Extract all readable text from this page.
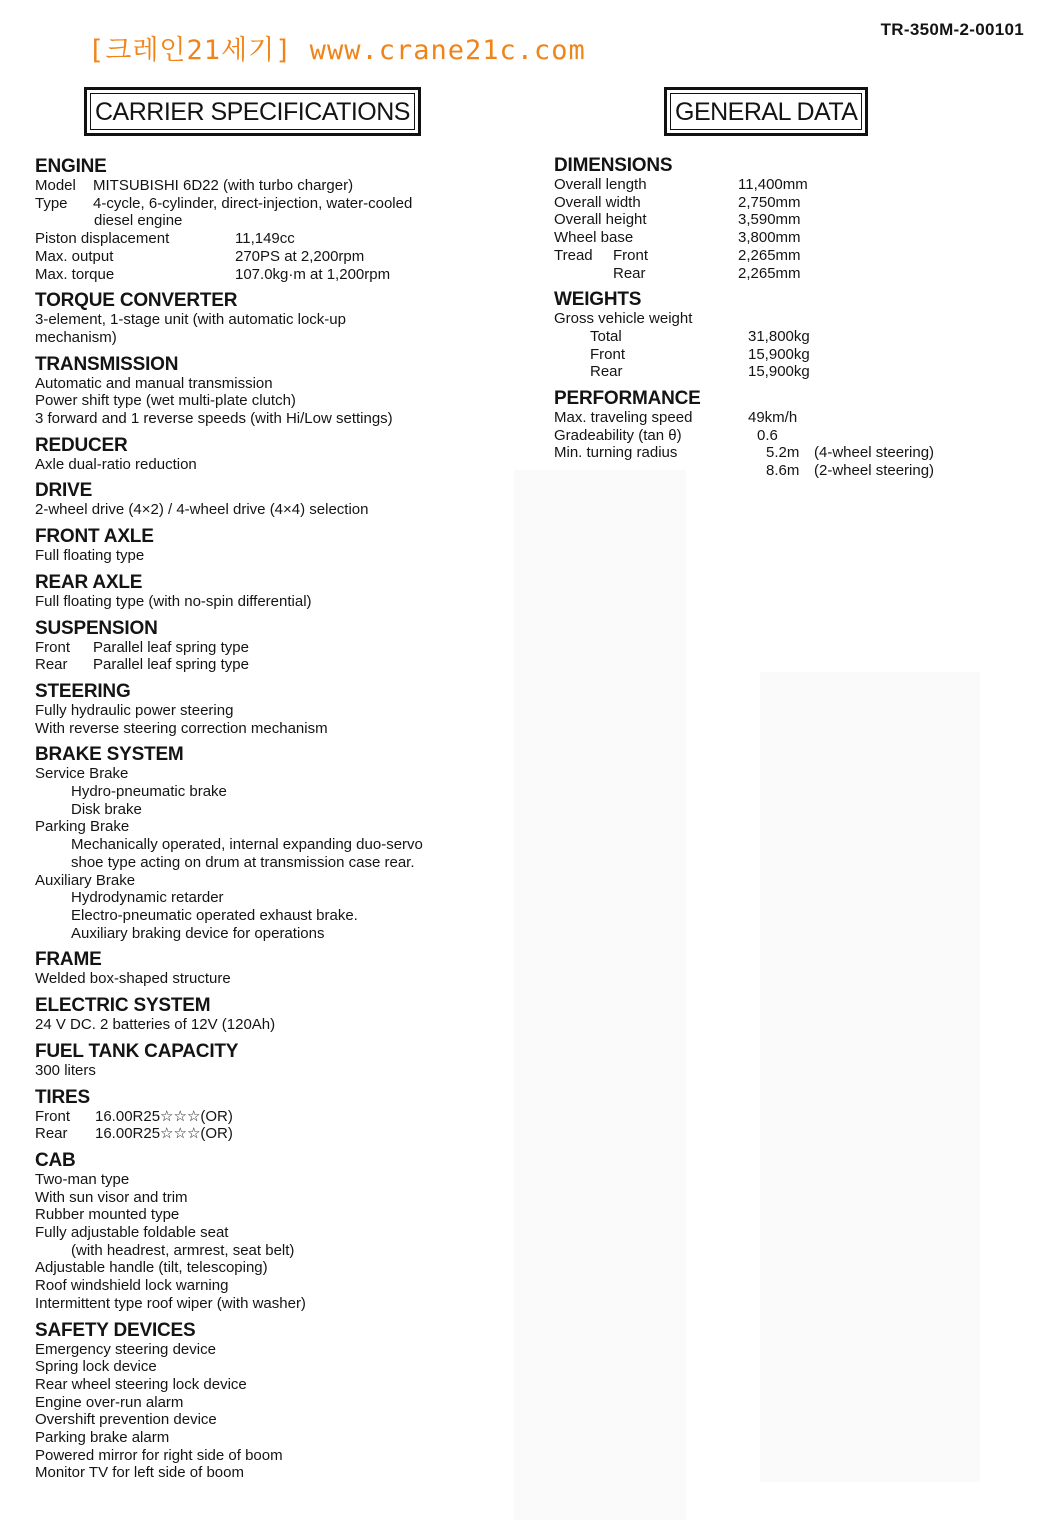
[크레인21세기] www.crane21c.com
TR-350M-2-00101
CARRIER SPECIFICATIONS	GENERAL DATA
ENGINE
Model	MITSUBISHI 6D22 (with turbo charger)
Type	4-cycle, 6-cylinder, direct-injection, water-cooled
diesel engine
Piston displacement	11,149cc
Max. output	270PS at 2,200rpm
Max. torque	107.0kg·m at 1,200rpm
TORQUE CONVERTER
3-element, 1-stage unit (with automatic lock-up
mechanism)
TRANSMISSION
Automatic and manual transmission
Power shift type (wet multi-plate clutch)
3 forward and 1 reverse speeds (with Hi/Low settings)
REDUCER
Axle dual-ratio reduction
DRIVE
2-wheel drive (4×2) / 4-wheel drive (4×4) selection
FRONT AXLE
Full floating type
REAR AXLE
Full floating type (with no-spin differential)
SUSPENSION
Front	Parallel leaf spring type
Rear	Parallel leaf spring type
STEERING
Fully hydraulic power steering
With reverse steering correction mechanism
BRAKE SYSTEM
Service Brake
Hydro-pneumatic brake
Disk brake
Parking Brake
Mechanically operated, internal expanding duo-servo
shoe type acting on drum at transmission case rear.
Auxiliary Brake
Hydrodynamic retarder
Electro-pneumatic operated exhaust brake.
Auxiliary braking device for operations
FRAME
Welded box-shaped structure
ELECTRIC SYSTEM
24 V DC. 2 batteries of 12V (120Ah)
FUEL TANK CAPACITY
300 liters
TIRES
Front	16.00R25☆☆☆(OR)
Rear	16.00R25☆☆☆(OR)
CAB
Two-man type
With sun visor and trim
Rubber mounted type
Fully adjustable foldable seat
(with headrest, armrest, seat belt)
Adjustable handle (tilt, telescoping)
Roof windshield lock warning
Intermittent type roof wiper (with washer)
SAFETY DEVICES
Emergency steering device
Spring lock device
Rear wheel steering lock device
Engine over-run alarm
Overshift prevention device
Parking brake alarm
Powered mirror for right side of boom
Monitor TV for left side of boom
DIMENSIONS
Overall length	11,400mm
Overall width	2,750mm
Overall height	3,590mm
Wheel base	3,800mm
Tread	Front	2,265mm
Rear	2,265mm
WEIGHTS
Gross vehicle weight
Total	31,800kg
Front	15,900kg
Rear	15,900kg
PERFORMANCE
Max. traveling speed	49km/h
Gradeability (tan θ)	0.6
Min. turning radius	5.2m (4-wheel steering)
8.6m (2-wheel steering)
